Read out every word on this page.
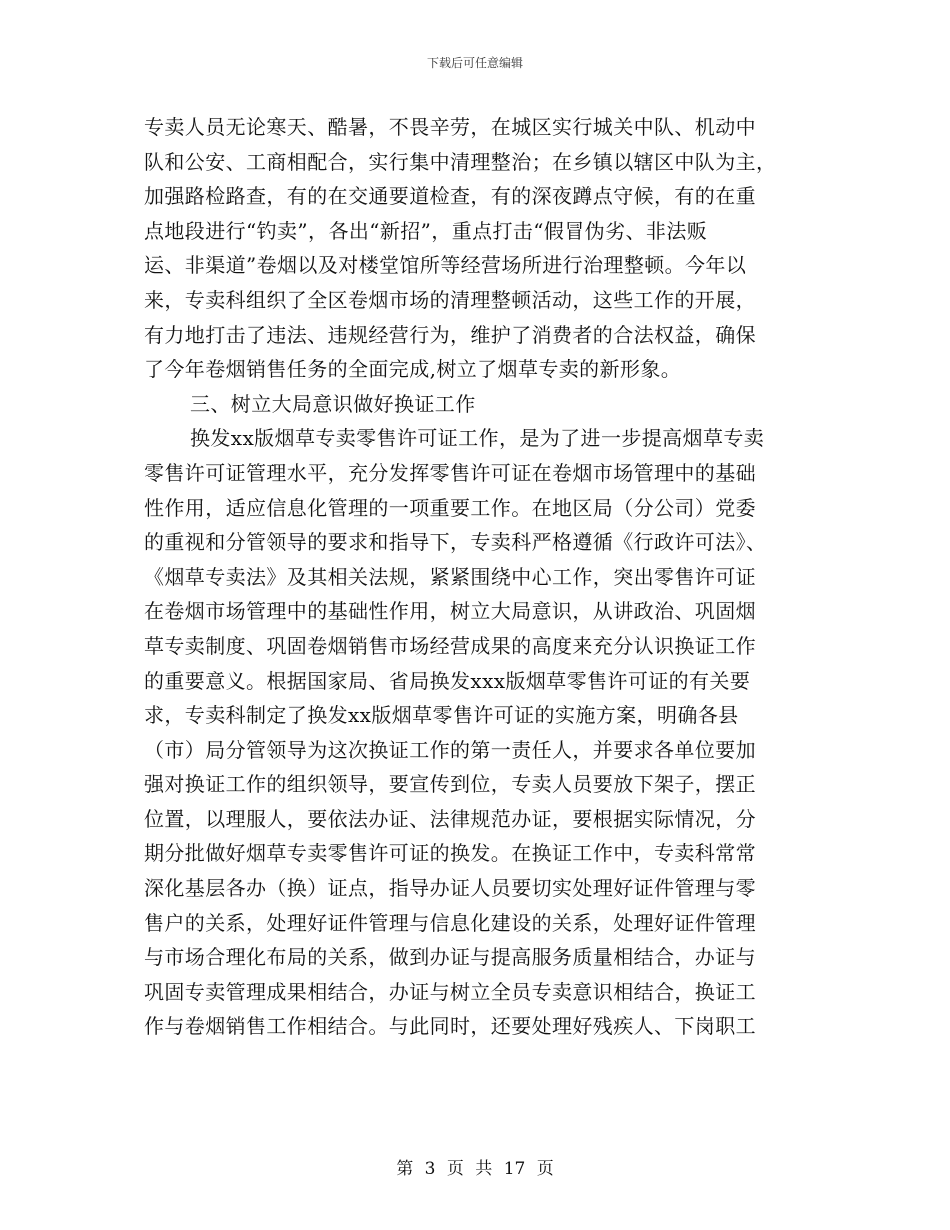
下载后可任意编辑
专卖人员无论寒天、酷暑，不畏辛劳，在城区实行城关中队、机动中
队和公安、工商相配合，实行集中清理整治；在乡镇以辖区中队为主，
加强路检路查，有的在交通要道检查，有的深夜蹲点守候，有的在重
点地段进行“钓卖”，各出“新招”，重点打击“假冒伪劣、非法贩
运、非渠道”卷烟以及对楼堂馆所等经营场所进行治理整顿。今年以
来，专卖科组织了全区卷烟市场的清理整顿活动，这些工作的开展，
有力地打击了违法、违规经营行为，维护了消费者的合法权益，确保
了今年卷烟销售任务的全面完成,树立了烟草专卖的新形象。
三、树立大局意识做好换证工作
换发xx版烟草专卖零售许可证工作，是为了进一步提高烟草专卖
零售许可证管理水平，充分发挥零售许可证在卷烟市场管理中的基础
性作用，适应信息化管理的一项重要工作。在地区局（分公司）党委
的重视和分管领导的要求和指导下，专卖科严格遵循《行政许可法》、
《烟草专卖法》及其相关法规，紧紧围绕中心工作，突出零售许可证
在卷烟市场管理中的基础性作用，树立大局意识，从讲政治、巩固烟
草专卖制度、巩固卷烟销售市场经营成果的高度来充分认识换证工作
的重要意义。根据国家局、省局换发xxx版烟草零售许可证的有关要
求，专卖科制定了换发xx版烟草零售许可证的实施方案，明确各县
（市）局分管领导为这次换证工作的第一责任人，并要求各单位要加
强对换证工作的组织领导，要宣传到位，专卖人员要放下架子，摆正
位置，以理服人，要依法办证、法律规范办证，要根据实际情况，分
期分批做好烟草专卖零售许可证的换发。在换证工作中，专卖科常常
深化基层各办（换）证点，指导办证人员要切实处理好证件管理与零
售户的关系，处理好证件管理与信息化建设的关系，处理好证件管理
与市场合理化布局的关系，做到办证与提高服务质量相结合，办证与
巩固专卖管理成果相结合，办证与树立全员专卖意识相结合，换证工
作与卷烟销售工作相结合。与此同时，还要处理好残疾人、下岗职工
第 3 页 共 17 页
